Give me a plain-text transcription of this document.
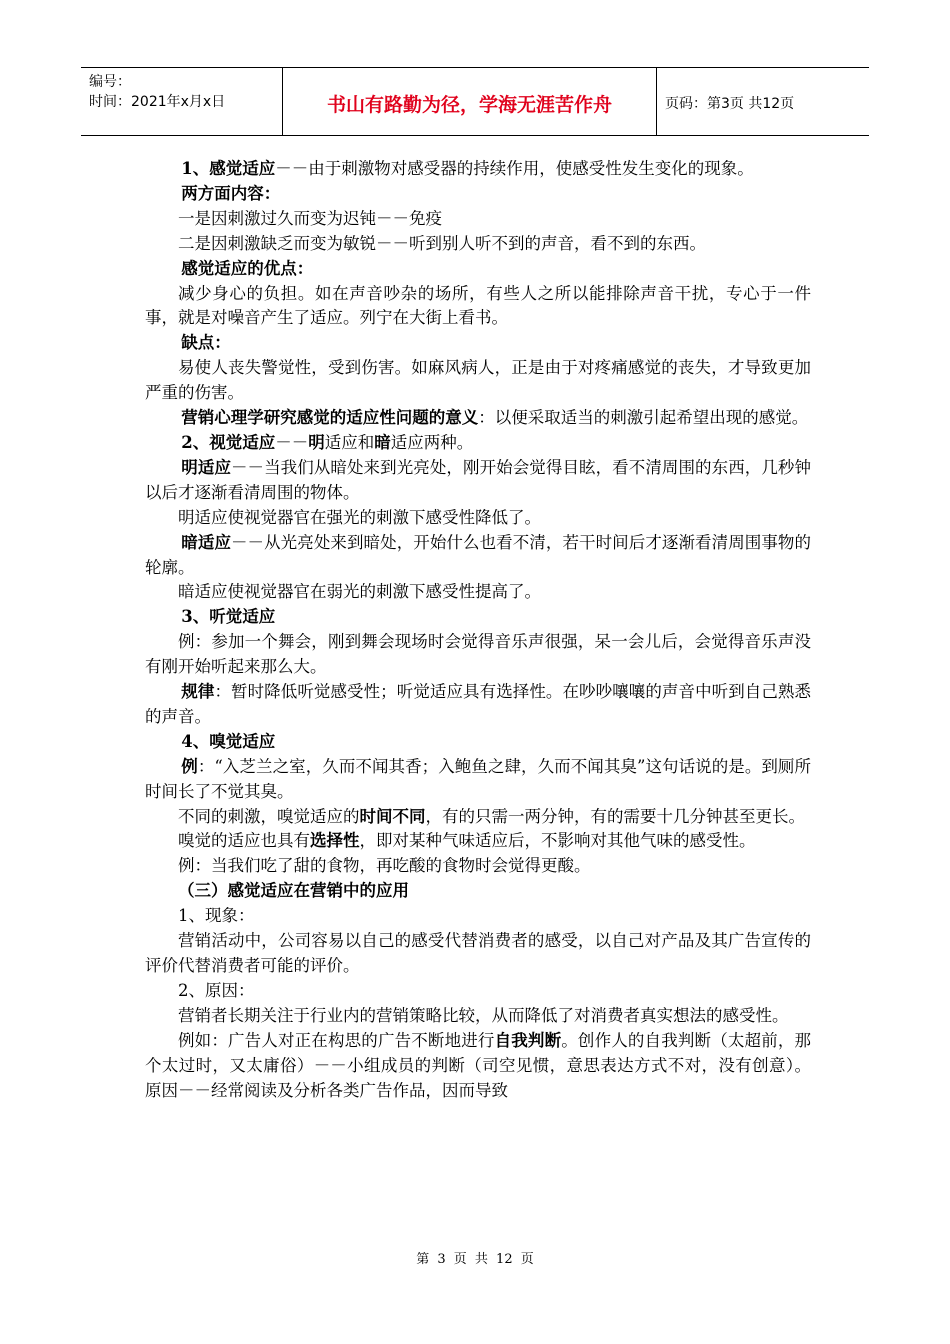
编号：
时间：2021年x月x日	书山有路勤为径，学海无涯苦作舟	页码：第3页 共12页

1、感觉适应－－由于刺激物对感受器的持续作用，使感受性发生变化的现象。

两方面内容：

一是因刺激过久而变为迟钝－－免疫

二是因刺激缺乏而变为敏锐－－听到别人听不到的声音，看不到的东西。

感觉适应的优点：

减少身心的负担。如在声音吵杂的场所，有些人之所以能排除声音干扰，专心于一件事，就是对噪音产生了适应。列宁在大街上看书。

缺点：

易使人丧失警觉性，受到伤害。如麻风病人，正是由于对疼痛感觉的丧失，才导致更加严重的伤害。

营销心理学研究感觉的适应性问题的意义：以便采取适当的刺激引起希望出现的感觉。

2、视觉适应－－明适应和暗适应两种。

明适应－－当我们从暗处来到光亮处，刚开始会觉得目眩，看不清周围的东西，几秒钟以后才逐渐看清周围的物体。

明适应使视觉器官在强光的刺激下感受性降低了。

暗适应－－从光亮处来到暗处，开始什么也看不清，若干时间后才逐渐看清周围事物的轮廓。

暗适应使视觉器官在弱光的刺激下感受性提高了。

3、听觉适应

例：参加一个舞会，刚到舞会现场时会觉得音乐声很强，呆一会儿后，会觉得音乐声没有刚开始听起来那么大。

规律：暂时降低听觉感受性；听觉适应具有选择性。在吵吵嚷嚷的声音中听到自己熟悉的声音。

4、嗅觉适应

例：“入芝兰之室，久而不闻其香；入鲍鱼之肆，久而不闻其臭”这句话说的是。到厕所时间长了不觉其臭。

不同的刺激，嗅觉适应的时间不同，有的只需一两分钟，有的需要十几分钟甚至更长。

嗅觉的适应也具有选择性，即对某种气味适应后，不影响对其他气味的感受性。

例：当我们吃了甜的食物，再吃酸的食物时会觉得更酸。

（三）感觉适应在营销中的应用

1、现象：

营销活动中，公司容易以自己的感受代替消费者的感受，以自己对产品及其广告宣传的评价代替消费者可能的评价。

2、原因：

营销者长期关注于行业内的营销策略比较，从而降低了对消费者真实想法的感受性。

例如：广告人对正在构思的广告不断地进行自我判断。创作人的自我判断（太超前，那个太过时，又太庸俗）－－小组成员的判断（司空见惯，意思表达方式不对，没有创意）。原因－－经常阅读及分析各类广告作品，因而导致

第 3 页 共 12 页
